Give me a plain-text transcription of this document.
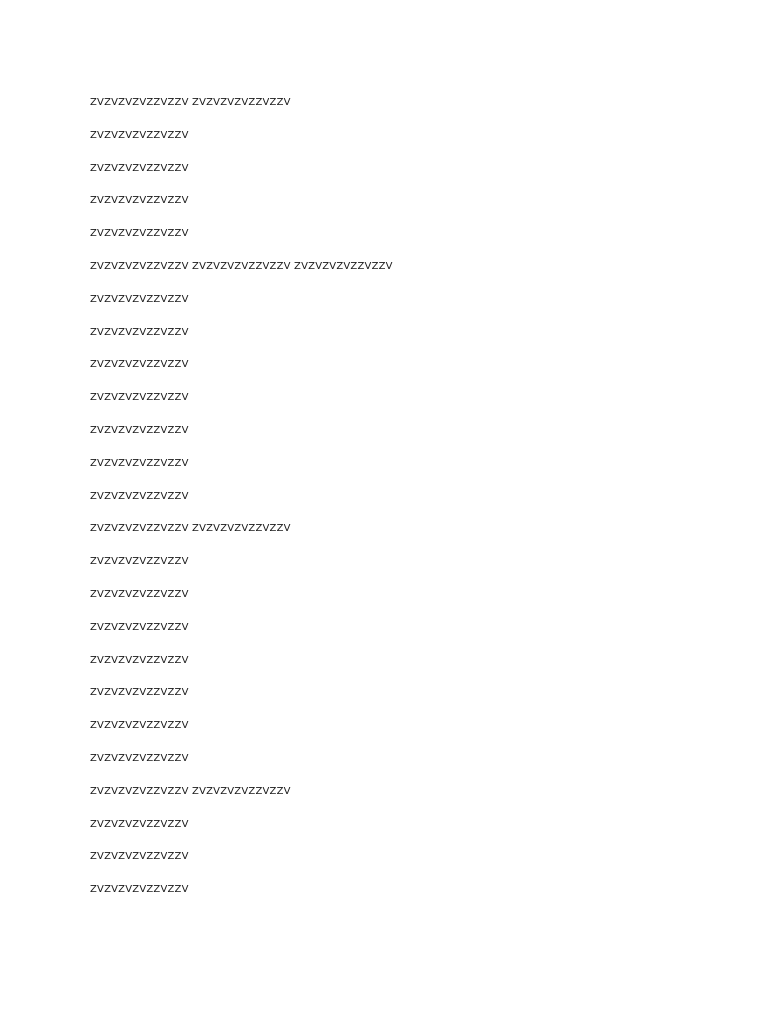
ZVZVZVZVZZVZZV ZVZVZVZVZZVZZV
ZVZVZVZVZZVZZV
ZVZVZVZVZZVZZV
ZVZVZVZVZZVZZV
ZVZVZVZVZZVZZV
ZVZVZVZVZZVZZV ZVZVZVZVZZVZZV ZVZVZVZVZZVZZV
ZVZVZVZVZZVZZV
ZVZVZVZVZZVZZV
ZVZVZVZVZZVZZV
ZVZVZVZVZZVZZV
ZVZVZVZVZZVZZV
ZVZVZVZVZZVZZV
ZVZVZVZVZZVZZV
ZVZVZVZVZZVZZV ZVZVZVZVZZVZZV
ZVZVZVZVZZVZZV
ZVZVZVZVZZVZZV
ZVZVZVZVZZVZZV
ZVZVZVZVZZVZZV
ZVZVZVZVZZVZZV
ZVZVZVZVZZVZZV
ZVZVZVZVZZVZZV
ZVZVZVZVZZVZZV ZVZVZVZVZZVZZV
ZVZVZVZVZZVZZV
ZVZVZVZVZZVZZV
ZVZVZVZVZZVZZV
